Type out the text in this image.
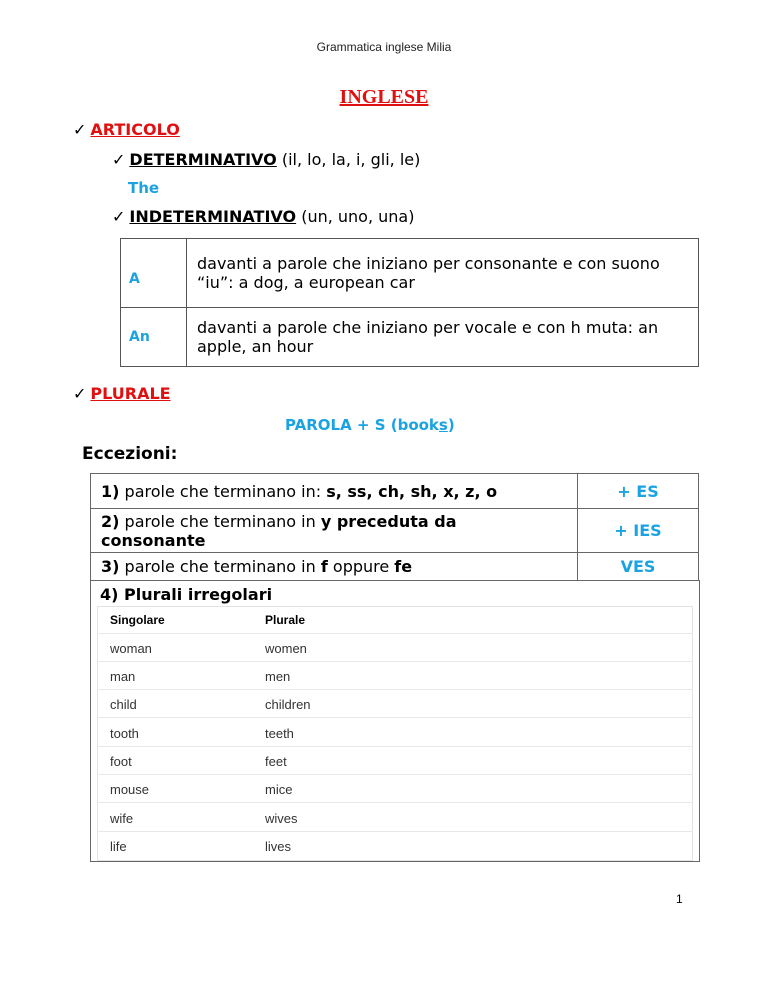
Grammatica inglese Milia
INGLESE
✓ ARTICOLO
✓ DETERMINATIVO (il, lo, la, i, gli, le)
The
✓ INDETERMINATIVO (un, uno, una)
A	davanti a parole che iniziano per consonante e con suono “iu”: a dog, a european car
An	davanti a parole che iniziano per vocale e con h muta: an apple, an hour
✓ PLURALE
PAROLA + S (books)
Eccezioni:
1) parole che terminano in: s, ss, ch, sh, x, z, o	+ ES
2) parole che terminano in y preceduta da consonante	+ IES
3) parole che terminano in f oppure fe	VES
4) Plurali irregolari
Singolare	Plurale
woman	women
man	men
child	children
tooth	teeth
foot	feet
mouse	mice
wife	wives
life	lives
1
